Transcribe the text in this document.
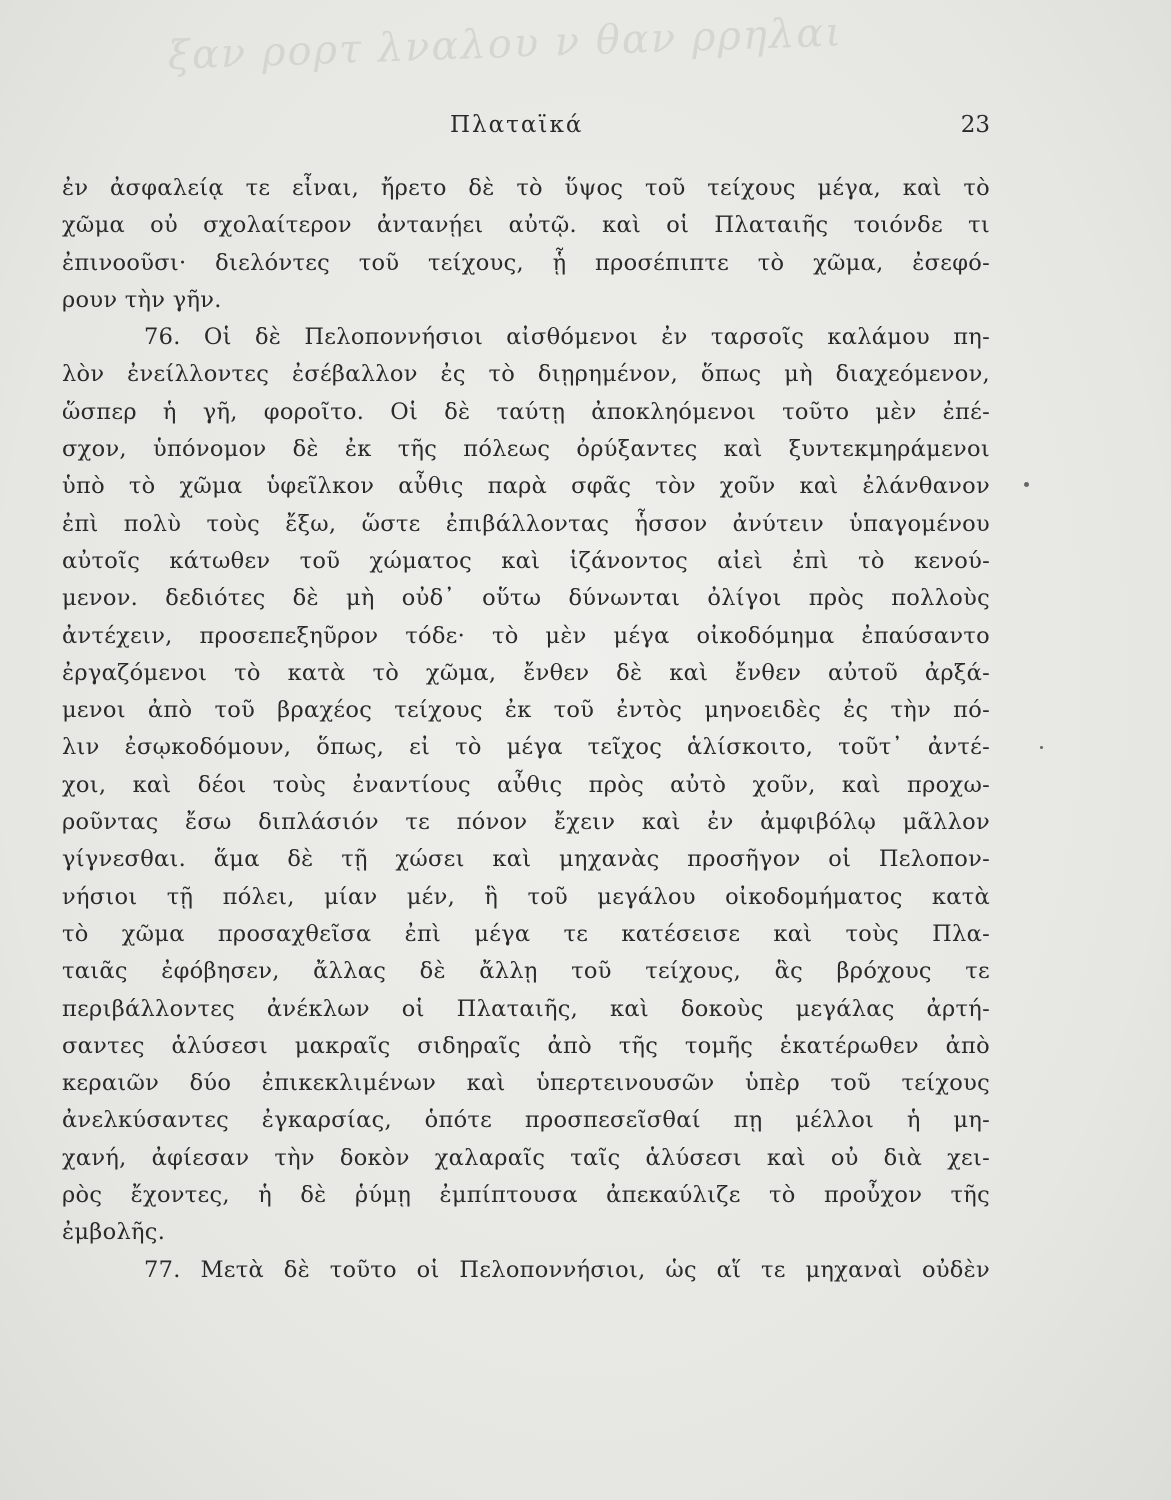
ξαν ρορτ λναλου ν θαν ρρηλαι
Πλαταϊκά	23
ἐν ἀσφαλείᾳ τε εἶναι, ἤρετο δὲ τὸ ὕψος τοῦ τείχους μέγα, καὶ τὸ
χῶμα οὐ σχολαίτερον ἀντανῄει αὐτῷ. καὶ οἱ Πλαταιῆς τοιόνδε τι
ἐπινοοῦσι· διελόντες τοῦ τείχους, ᾗ προσέπιπτε τὸ χῶμα, ἐσεφό-
ρουν τὴν γῆν.
76. Οἱ δὲ Πελοποννήσιοι αἰσθόμενοι ἐν ταρσοῖς καλάμου πη-
λὸν ἐνείλλοντες ἐσέβαλλον ἐς τὸ διῃρημένον, ὅπως μὴ διαχεόμενον,
ὥσπερ ἡ γῆ, φοροῖτο. Οἱ δὲ ταύτῃ ἀποκληόμενοι τοῦτο μὲν ἐπέ-
σχον, ὑπόνομον δὲ ἐκ τῆς πόλεως ὀρύξαντες καὶ ξυντεκμηράμενοι
ὑπὸ τὸ χῶμα ὑφεῖλκον αὖθις παρὰ σφᾶς τὸν χοῦν καὶ ἐλάνθανον
ἐπὶ πολὺ τοὺς ἔξω, ὥστε ἐπιβάλλοντας ἧσσον ἀνύτειν ὑπαγομένου
αὐτοῖς κάτωθεν τοῦ χώματος καὶ ἱζάνοντος αἰεὶ ἐπὶ τὸ κενού-
μενον. δεδιότες δὲ μὴ οὐδ᾿ οὕτω δύνωνται ὀλίγοι πρὸς πολλοὺς
ἀντέχειν, προσεπεξηῦρον τόδε· τὸ μὲν μέγα οἰκοδόμημα ἐπαύσαντο
ἐργαζόμενοι τὸ κατὰ τὸ χῶμα, ἔνθεν δὲ καὶ ἔνθεν αὐτοῦ ἀρξά-
μενοι ἀπὸ τοῦ βραχέος τείχους ἐκ τοῦ ἐντὸς μηνοειδὲς ἐς τὴν πό-
λιν ἐσῳκοδόμουν, ὅπως, εἰ τὸ μέγα τεῖχος ἁλίσκοιτο, τοῦτ᾿ ἀντέ-
χοι, καὶ δέοι τοὺς ἐναντίους αὖθις πρὸς αὐτὸ χοῦν, καὶ προχω-
ροῦντας ἔσω διπλάσιόν τε πόνον ἔχειν καὶ ἐν ἀμφιβόλῳ μᾶλλον
γίγνεσθαι. ἅμα δὲ τῇ χώσει καὶ μηχανὰς προσῆγον οἱ Πελοπον-
νήσιοι τῇ πόλει, μίαν μέν, ἣ τοῦ μεγάλου οἰκοδομήματος κατὰ
τὸ χῶμα προσαχθεῖσα ἐπὶ μέγα τε κατέσεισε καὶ τοὺς Πλα-
ταιᾶς ἐφόβησεν, ἄλλας δὲ ἄλλῃ τοῦ τείχους, ἃς βρόχους τε
περιβάλλοντες ἀνέκλων οἱ Πλαταιῆς, καὶ δοκοὺς μεγάλας ἀρτή-
σαντες ἁλύσεσι μακραῖς σιδηραῖς ἀπὸ τῆς τομῆς ἑκατέρωθεν ἀπὸ
κεραιῶν δύο ἐπικεκλιμένων καὶ ὑπερτεινουσῶν ὑπὲρ τοῦ τείχους
ἀνελκύσαντες ἐγκαρσίας, ὁπότε προσπεσεῖσθαί πῃ μέλλοι ἡ μη-
χανή, ἀφίεσαν τὴν δοκὸν χαλαραῖς ταῖς ἁλύσεσι καὶ οὐ διὰ χει-
ρὸς ἔχοντες, ἡ δὲ ῥύμῃ ἐμπίπτουσα ἀπεκαύλιζε τὸ προὖχον τῆς
ἐμβολῆς.
77. Μετὰ δὲ τοῦτο οἱ Πελοποννήσιοι, ὡς αἵ τε μηχαναὶ οὐδὲν
